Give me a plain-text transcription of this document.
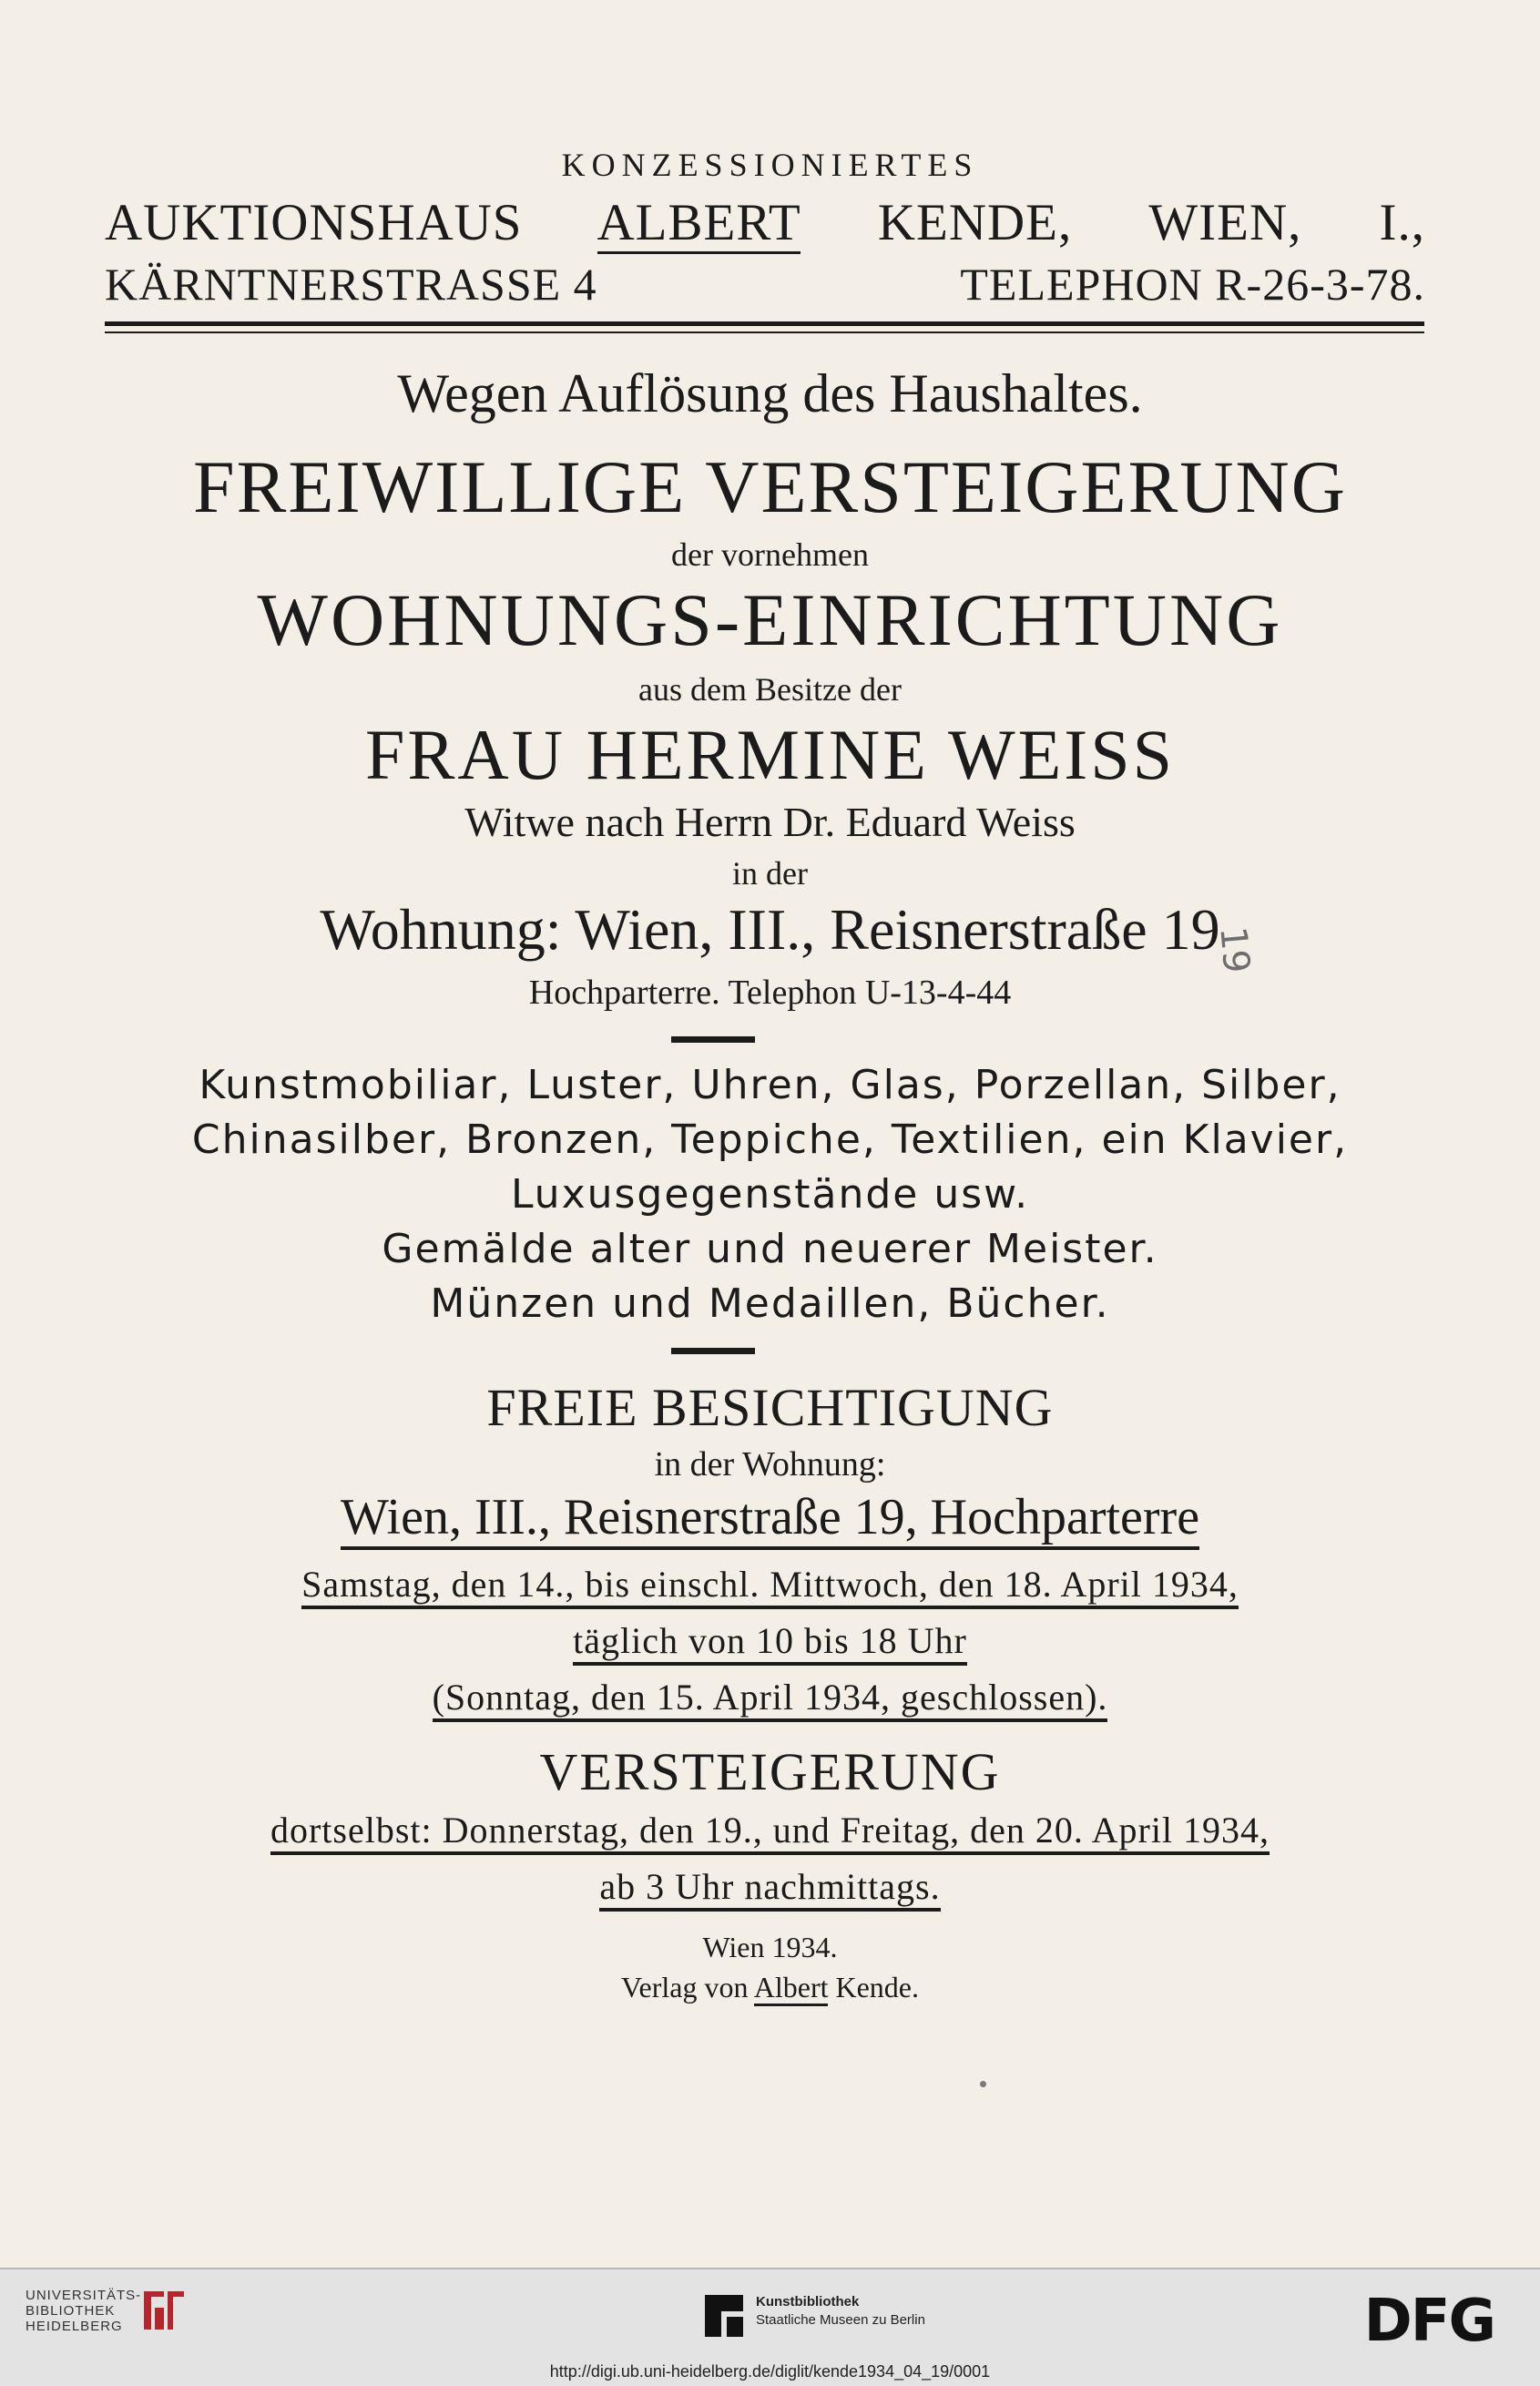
KONZESSIONIERTES
AUKTIONSHAUS ALBERT KENDE, WIEN, I.,
KÄRNTNERSTRASSE 4	TELEPHON R-26-3-78.
Wegen Auflösung des Haushaltes.
FREIWILLIGE VERSTEIGERUNG
der vornehmen
WOHNUNGS-EINRICHTUNG
aus dem Besitze der
FRAU HERMINE WEISS
Witwe nach Herrn Dr. Eduard Weiss
in der
Wohnung: Wien, III., Reisnerstraße 19
Hochparterre. Telephon U-13-4-44
19
Kunstmobiliar, Luster, Uhren, Glas, Porzellan, Silber,
Chinasilber, Bronzen, Teppiche, Textilien, ein Klavier,
Luxusgegenstände usw.
Gemälde alter und neuerer Meister.
Münzen und Medaillen, Bücher.
FREIE BESICHTIGUNG
in der Wohnung:
Wien, III., Reisnerstraße 19, Hochparterre
Samstag, den 14., bis einschl. Mittwoch, den 18. April 1934,
täglich von 10 bis 18 Uhr
(Sonntag, den 15. April 1934, geschlossen).
VERSTEIGERUNG
dortselbst: Donnerstag, den 19., und Freitag, den 20. April 1934,
ab 3 Uhr nachmittags.
Wien 1934.
Verlag von Albert Kende.
UNIVERSITÄTS-
BIBLIOTHEK
HEIDELBERG
Kunstbibliothek
Staatliche Museen zu Berlin	DFG
http://digi.ub.uni-heidelberg.de/diglit/kende1934_04_19/0001
